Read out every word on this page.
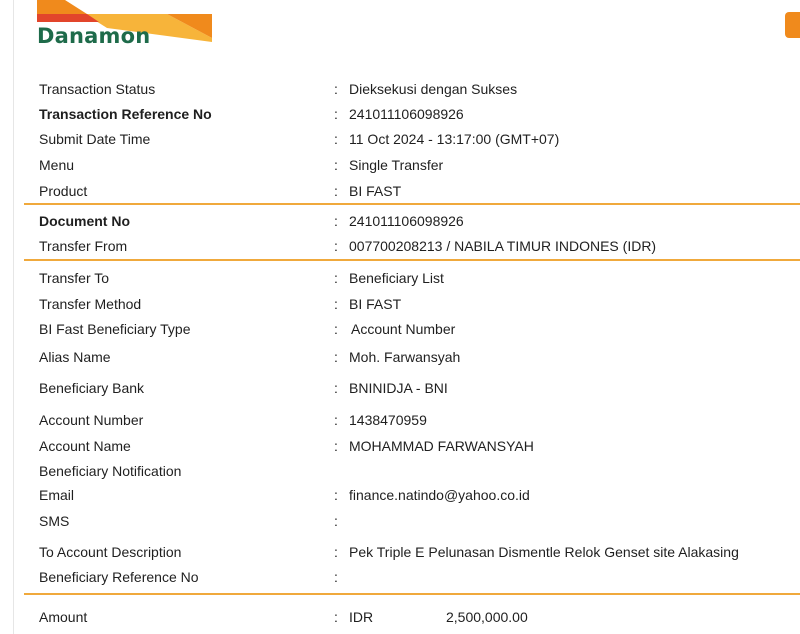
Danamon
Transaction Status	: Dieksekusi dengan Sukses
Transaction Reference No	: 241011106098926
Submit Date Time	: 11 Oct 2024 - 13:17:00 (GMT+07)
Menu	: Single Transfer
Product	: BI FAST
Document No	: 241011106098926
Transfer From	: 007700208213 / NABILA TIMUR INDONES (IDR)
Transfer To	: Beneficiary List
Transfer Method	: BI FAST
BI Fast Beneficiary Type	: Account Number
Alias Name	: Moh. Farwansyah
Beneficiary Bank	: BNINIDJA - BNI
Account Number	: 1438470959
Account Name	: MOHAMMAD FARWANSYAH
Beneficiary Notification
Email	: finance.natindo@yahoo.co.id
SMS	:
To Account Description	: Pek Triple E Pelunasan Dismentle Relok Genset site Alakasing
Beneficiary Reference No	:
Amount	: IDR	2,500,000.00
